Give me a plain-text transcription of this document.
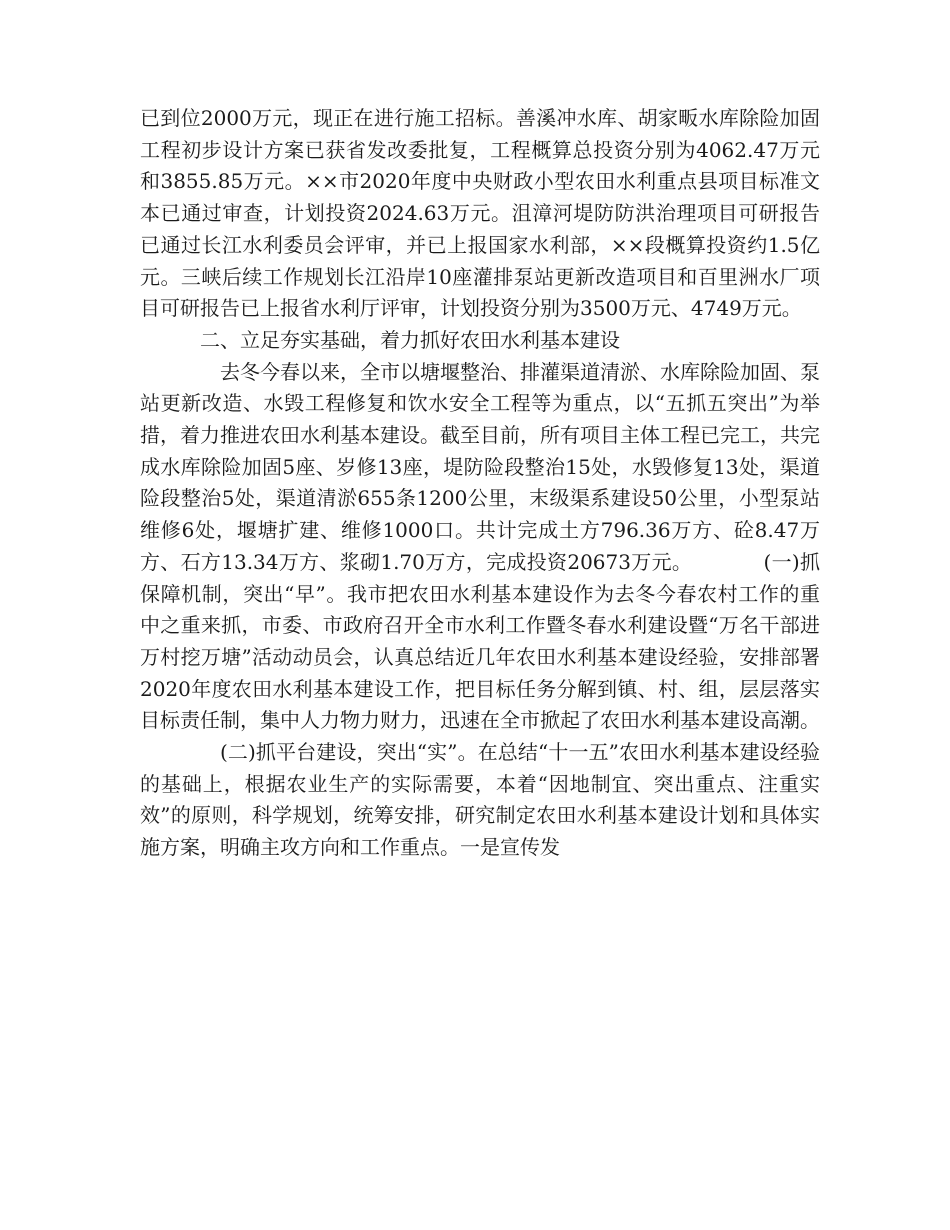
已到位2000万元，现正在进行施工招标。善溪冲水库、胡家畈水库除险加固工程初步设计方案已获省发改委批复，工程概算总投资分别为4062.47万元和3855.85万元。××市2020年度中央财政小型农田水利重点县项目标准文本已通过审查，计划投资2024.63万元。沮漳河堤防防洪治理项目可研报告已通过长江水利委员会评审，并已上报国家水利部，××段概算投资约1.5亿元。三峡后续工作规划长江沿岸10座灌排泵站更新改造项目和百里洲水厂项目可研报告已上报省水利厅评审，计划投资分别为3500万元、4749万元。

二、立足夯实基础，着力抓好农田水利基本建设

去冬今春以来，全市以塘堰整治、排灌渠道清淤、水库除险加固、泵站更新改造、水毁工程修复和饮水安全工程等为重点，以“五抓五突出”为举措，着力推进农田水利基本建设。截至目前，所有项目主体工程已完工，共完成水库除险加固5座、岁修13座，堤防险段整治15处，水毁修复13处，渠道险段整治5处，渠道清淤655条1200公里，末级渠系建设50公里，小型泵站维修6处，堰塘扩建、维修1000口。共计完成土方796.36万方、砼8.47万方、石方13.34万方、浆砌1.70万方，完成投资20673万元。　　　　(一)抓保障机制，突出“早”。我市把农田水利基本建设作为去冬今春农村工作的重中之重来抓，市委、市政府召开全市水利工作暨冬春水利建设暨“万名干部进万村挖万塘”活动动员会，认真总结近几年农田水利基本建设经验，安排部署2020年度农田水利基本建设工作，把目标任务分解到镇、村、组，层层落实目标责任制，集中人力物力财力，迅速在全市掀起了农田水利基本建设高潮。

(二)抓平台建设，突出“实”。在总结“十一五”农田水利基本建设经验的基础上，根据农业生产的实际需要，本着“因地制宜、突出重点、注重实效”的原则，科学规划，统筹安排，研究制定农田水利基本建设计划和具体实施方案，明确主攻方向和工作重点。一是宣传发
